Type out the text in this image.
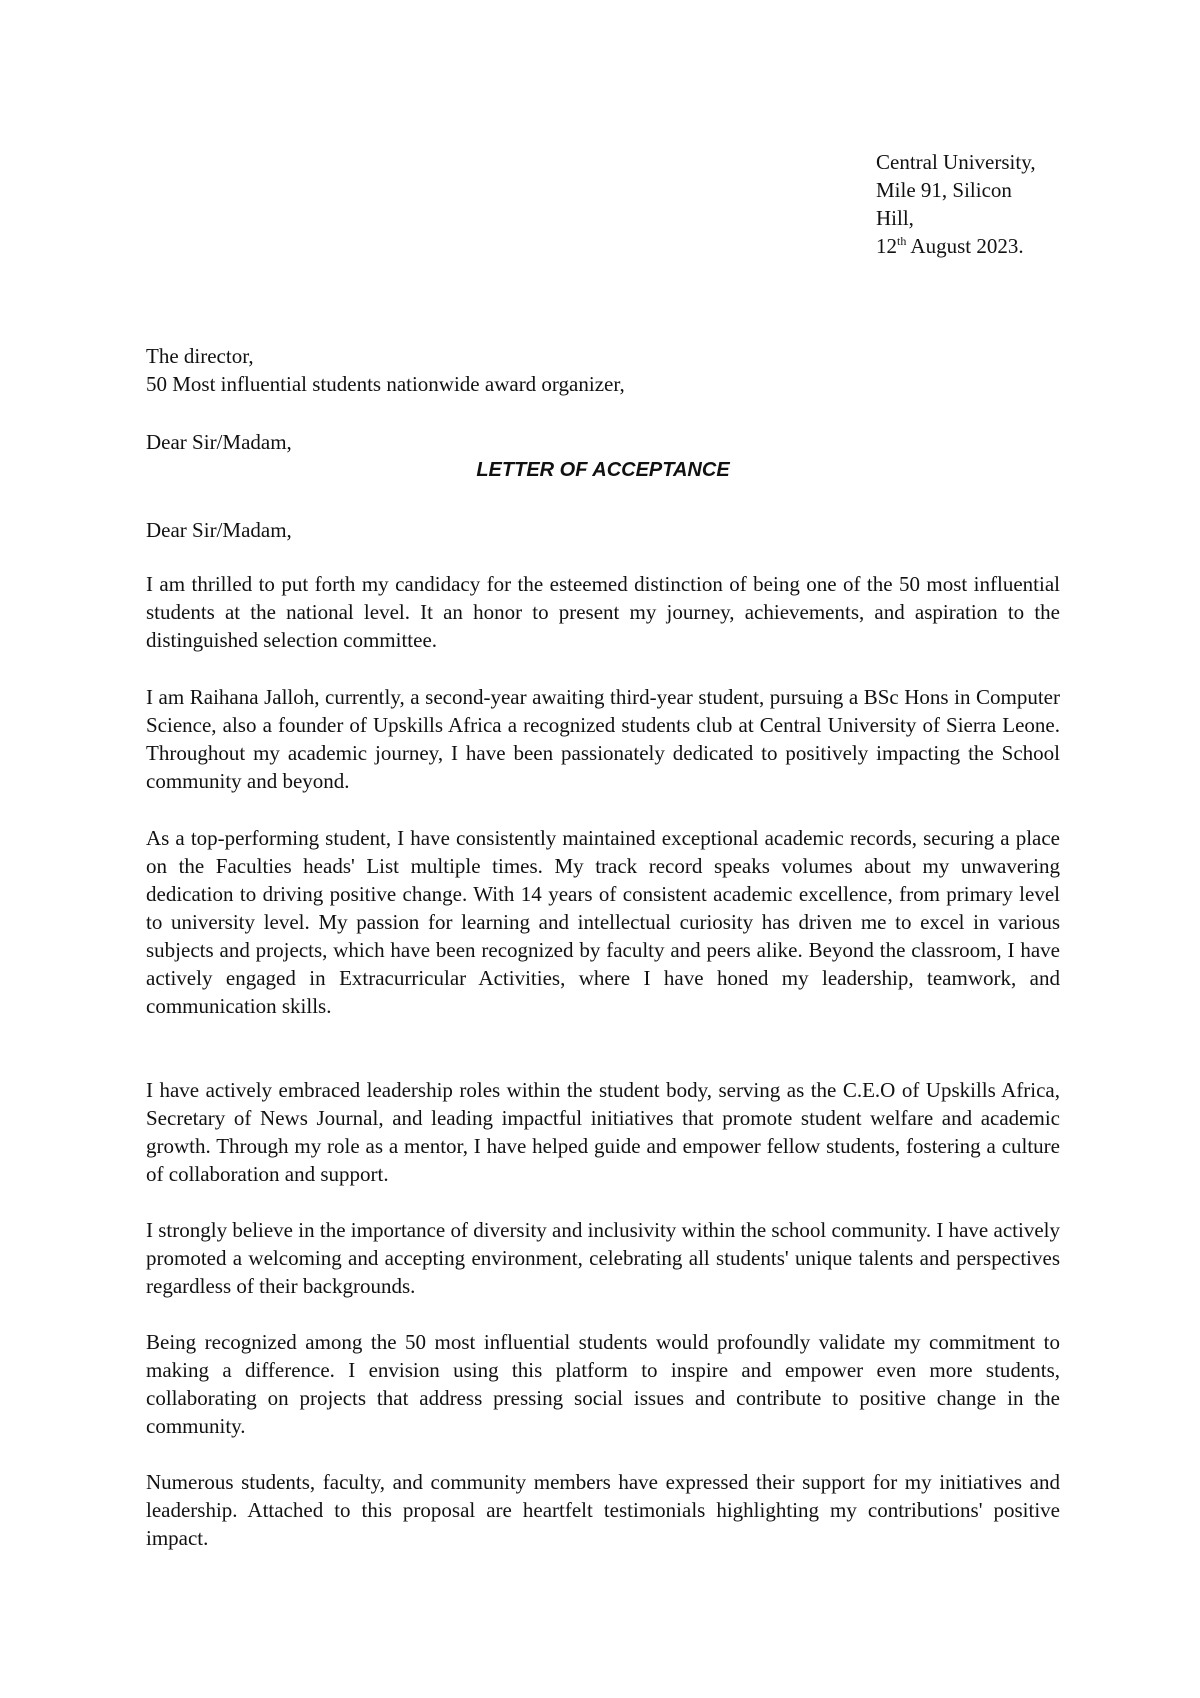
Central University,
Mile 91, Silicon
Hill,
12th August 2023.
The director,
50 Most influential students nationwide award organizer,
Dear Sir/Madam,
LETTER OF ACCEPTANCE
Dear Sir/Madam,

I am thrilled to put forth my candidacy for the esteemed distinction of being one of the 50 most influential students at the national level. It an honor to present my journey, achievements, and aspiration to the distinguished selection committee.

I am Raihana Jalloh, currently, a second-year awaiting third-year student, pursuing a BSc Hons in Computer Science, also a founder of Upskills Africa a recognized students club at Central University of Sierra Leone. Throughout my academic journey, I have been passionately dedicated to positively impacting the School community and beyond.

As a top-performing student, I have consistently maintained exceptional academic records, securing a place on the Faculties heads' List multiple times. My track record speaks volumes about my unwavering dedication to driving positive change. With 14 years of consistent academic excellence, from primary level to university level. My passion for learning and intellectual curiosity has driven me to excel in various subjects and projects, which have been recognized by faculty and peers alike. Beyond the classroom, I have actively engaged in Extracurricular Activities, where I have honed my leadership, teamwork, and communication skills.

I have actively embraced leadership roles within the student body, serving as the C.E.O of Upskills Africa, Secretary of News Journal, and leading impactful initiatives that promote student welfare and academic growth. Through my role as a mentor, I have helped guide and empower fellow students, fostering a culture of collaboration and support.

I strongly believe in the importance of diversity and inclusivity within the school community. I have actively promoted a welcoming and accepting environment, celebrating all students' unique talents and perspectives regardless of their backgrounds.

Being recognized among the 50 most influential students would profoundly validate my commitment to making a difference. I envision using this platform to inspire and empower even more students, collaborating on projects that address pressing social issues and contribute to positive change in the community.

Numerous students, faculty, and community members have expressed their support for my initiatives and leadership. Attached to this proposal are heartfelt testimonials highlighting my contributions' positive impact.
